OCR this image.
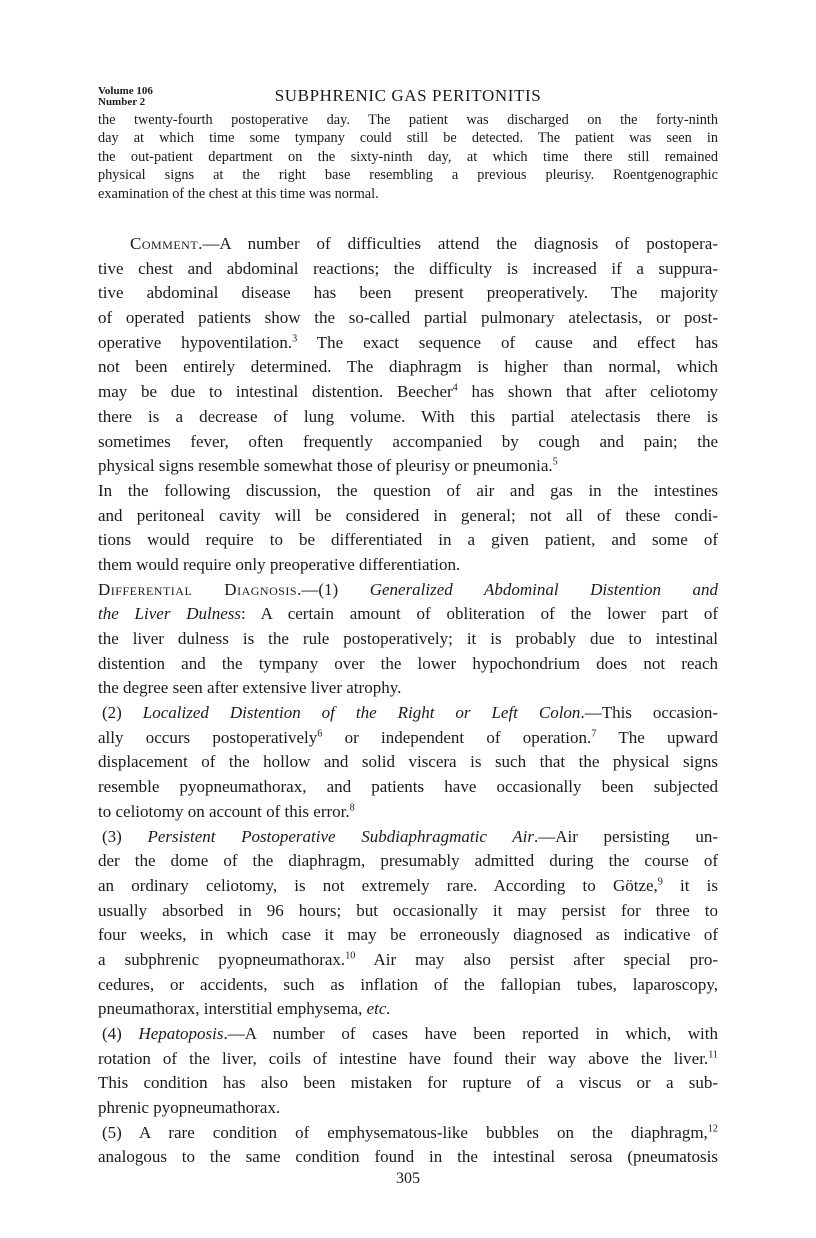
Volume 106
Number 2	SUBPHRENIC GAS PERITONITIS
the twenty-fourth postoperative day. The patient was discharged on the forty-ninth
day at which time some tympany could still be detected. The patient was seen in
the out-patient department on the sixty-ninth day, at which time there still remained
physical signs at the right base resembling a previous pleurisy. Roentgenographic
examination of the chest at this time was normal.
Comment.—A number of difficulties attend the diagnosis of postopera-
tive chest and abdominal reactions; the difficulty is increased if a suppura-
tive abdominal disease has been present preoperatively. The majority
of operated patients show the so-called partial pulmonary atelectasis, or post-
operative hypoventilation.$^3$ The exact sequence of cause and effect has
not been entirely determined. The diaphragm is higher than normal, which
may be due to intestinal distention. Beecher$^4$ has shown that after celiotomy
there is a decrease of lung volume. With this partial atelectasis there is
sometimes fever, often frequently accompanied by cough and pain; the
physical signs resemble somewhat those of pleurisy or pneumonia.$^5$
In the following discussion, the question of air and gas in the intestines
and peritoneal cavity will be considered in general; not all of these condi-
tions would require to be differentiated in a given patient, and some of
them would require only preoperative differentiation.
Differential Diagnosis.—(1) Generalized Abdominal Distention and
the Liver Dulness: A certain amount of obliteration of the lower part of
the liver dulness is the rule postoperatively; it is probably due to intestinal
distention and the tympany over the lower hypochondrium does not reach
the degree seen after extensive liver atrophy.
(2) Localized Distention of the Right or Left Colon.—This occasion-
ally occurs postoperatively$^6$ or independent of operation.$^7$ The upward
displacement of the hollow and solid viscera is such that the physical signs
resemble pyopneumathorax, and patients have occasionally been subjected
to celiotomy on account of this error.$^8$
(3) Persistent Postoperative Subdiaphragmatic Air.—Air persisting un-
der the dome of the diaphragm, presumably admitted during the course of
an ordinary celiotomy, is not extremely rare. According to Götze,$^9$ it is
usually absorbed in 96 hours; but occasionally it may persist for three to
four weeks, in which case it may be erroneously diagnosed as indicative of
a subphrenic pyopneumathorax.$^{10}$ Air may also persist after special pro-
cedures, or accidents, such as inflation of the fallopian tubes, laparoscopy,
pneumathorax, interstitial emphysema, etc.
(4) Hepatoposis.—A number of cases have been reported in which, with
rotation of the liver, coils of intestine have found their way above the liver.$^{11}$
This condition has also been mistaken for rupture of a viscus or a sub-
phrenic pyopneumathorax.
(5) A rare condition of emphysematous-like bubbles on the diaphragm,$^{12}$
analogous to the same condition found in the intestinal serosa (pneumatosis
305
